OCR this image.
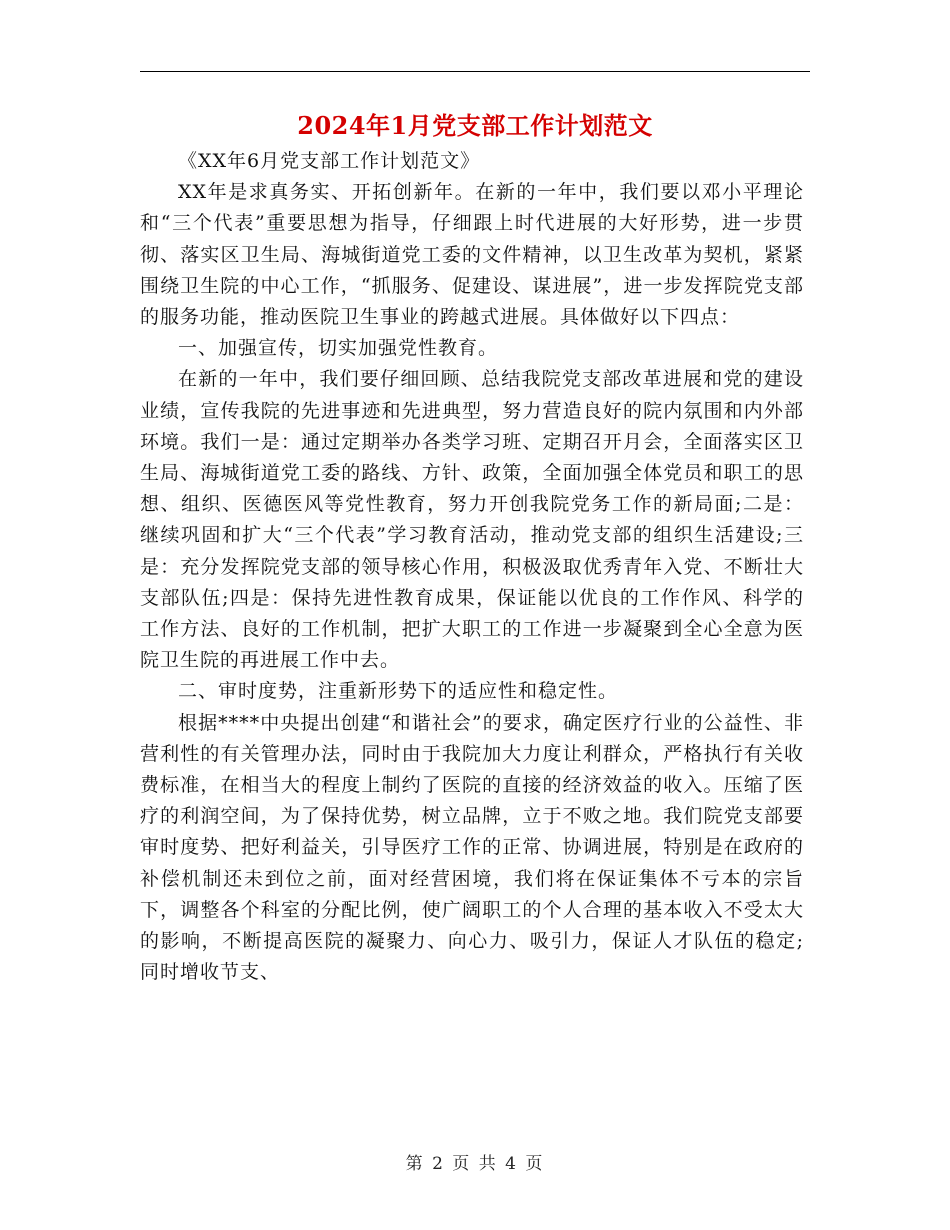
2024年1月党支部工作计划范文

《XX年6月党支部工作计划范文》

XX年是求真务实、开拓创新年。在新的一年中，我们要以邓小平理论和“三个代表”重要思想为指导，仔细跟上时代进展的大好形势，进一步贯彻、落实区卫生局、海城街道党工委的文件精神，以卫生改革为契机，紧紧围绕卫生院的中心工作，“抓服务、促建设、谋进展”，进一步发挥院党支部的服务功能，推动医院卫生事业的跨越式进展。具体做好以下四点：

一、加强宣传，切实加强党性教育。

在新的一年中，我们要仔细回顾、总结我院党支部改革进展和党的建设业绩，宣传我院的先进事迹和先进典型，努力营造良好的院内氛围和内外部环境。我们一是：通过定期举办各类学习班、定期召开月会，全面落实区卫生局、海城街道党工委的路线、方针、政策，全面加强全体党员和职工的思想、组织、医德医风等党性教育，努力开创我院党务工作的新局面;二是：继续巩固和扩大“三个代表”学习教育活动，推动党支部的组织生活建设;三是：充分发挥院党支部的领导核心作用，积极汲取优秀青年入党、不断壮大支部队伍;四是：保持先进性教育成果，保证能以优良的工作作风、科学的工作方法、良好的工作机制，把扩大职工的工作进一步凝聚到全心全意为医院卫生院的再进展工作中去。

二、审时度势，注重新形势下的适应性和稳定性。

根据****中央提出创建“和谐社会”的要求，确定医疗行业的公益性、非营利性的有关管理办法，同时由于我院加大力度让利群众，严格执行有关收费标准，在相当大的程度上制约了医院的直接的经济效益的收入。压缩了医疗的利润空间，为了保持优势，树立品牌，立于不败之地。我们院党支部要审时度势、把好利益关，引导医疗工作的正常、协调进展，特别是在政府的补偿机制还未到位之前，面对经营困境，我们将在保证集体不亏本的宗旨下，调整各个科室的分配比例，使广阔职工的个人合理的基本收入不受太大的影响，不断提高医院的凝聚力、向心力、吸引力，保证人才队伍的稳定;同时增收节支、

第 2 页 共 4 页
